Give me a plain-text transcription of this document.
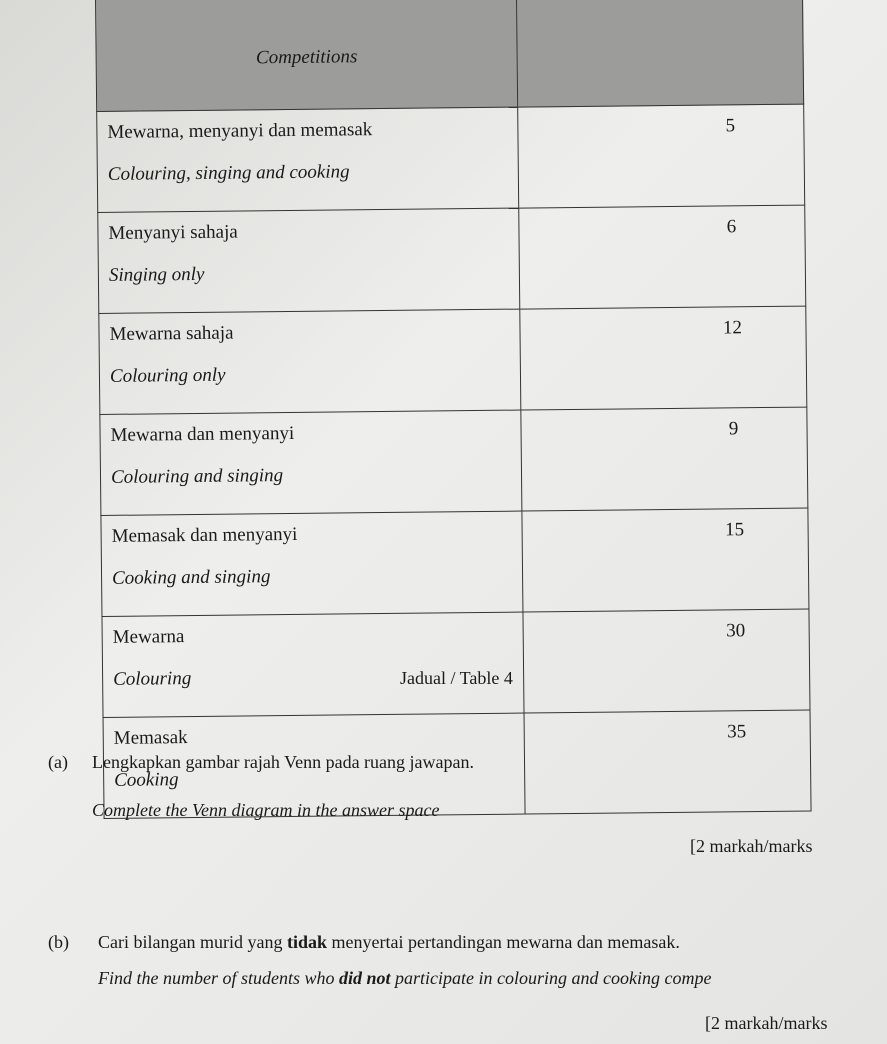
Competitions	

Mewarna, menyanyi dan memasak
Colouring, singing and cooking	5

Menyanyi sahaja
Singing only	6

Mewarna sahaja
Colouring only	12

Mewarna dan menyanyi
Colouring and singing	9

Memasak dan menyanyi
Cooking and singing	15

Mewarna
Colouring	30

Memasak
Cooking	35
Jadual / Table 4
(a) Lengkapkan gambar rajah Venn pada ruang jawapan.
Complete the Venn diagram in the answer space
[2 markah/marks
(b) Cari bilangan murid yang tidak menyertai pertandingan mewarna dan memasak.
Find the number of students who did not participate in colouring and cooking compe
[2 markah/marks
